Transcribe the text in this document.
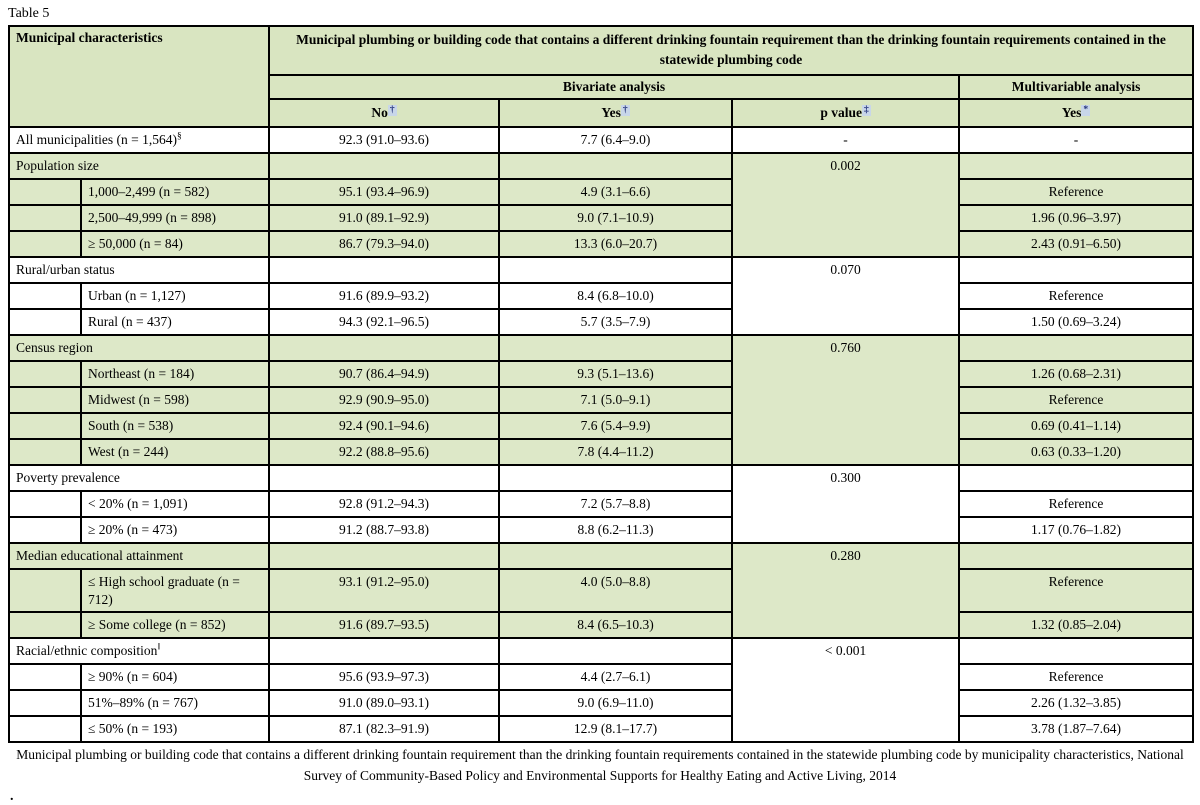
Table 5
Municipal characteristics		Municipal plumbing or building code that contains a different drinking fountain requirement than the drinking fountain requirements contained in the statewide plumbing code			
		Bivariate analysis			Multivariable analysis
		No †	Yes †	p value ‡	Yes *
All municipalities (n = 1,564)§		92.3 (91.0–93.6)	7.7 (6.4–9.0)	-	-
Population size				0.002	
	1,000–2,499 (n = 582)	95.1 (93.4–96.9)	4.9 (3.1–6.6)		Reference
	2,500–49,999 (n = 898)	91.0 (89.1–92.9)	9.0 (7.1–10.9)		1.96 (0.96–3.97)
	≥ 50,000 (n = 84)	86.7 (79.3–94.0)	13.3 (6.0–20.7)		2.43 (0.91–6.50)
Rural/urban status				0.070	
	Urban (n = 1,127)	91.6 (89.9–93.2)	8.4 (6.8–10.0)		Reference
	Rural (n = 437)	94.3 (92.1–96.5)	5.7 (3.5–7.9)		1.50 (0.69–3.24)
Census region				0.760	
	Northeast (n = 184)	90.7 (86.4–94.9)	9.3 (5.1–13.6)		1.26 (0.68–2.31)
	Midwest (n = 598)	92.9 (90.9–95.0)	7.1 (5.0–9.1)		Reference
	South (n = 538)	92.4 (90.1–94.6)	7.6 (5.4–9.9)		0.69 (0.41–1.14)
	West (n = 244)	92.2 (88.8–95.6)	7.8 (4.4–11.2)		0.63 (0.33–1.20)
Poverty prevalence				0.300	
	< 20% (n = 1,091)	92.8 (91.2–94.3)	7.2 (5.7–8.8)		Reference
	≥ 20% (n = 473)	91.2 (88.7–93.8)	8.8 (6.2–11.3)		1.17 (0.76–1.82)
Median educational attainment				0.280	
	≤ High school graduate (n = 712)	93.1 (91.2–95.0)	4.0 (5.0–8.8)		Reference
	≥ Some college (n = 852)	91.6 (89.7–93.5)	8.4 (6.5–10.3)		1.32 (0.85–2.04)
Racial/ethnic composition‖				< 0.001	
	≥ 90% (n = 604)	95.6 (93.9–97.3)	4.4 (2.7–6.1)		Reference
	51%–89% (n = 767)	91.0 (89.0–93.1)	9.0 (6.9–11.0)		2.26 (1.32–3.85)
	≤ 50% (n = 193)	87.1 (82.3–91.9)	12.9 (8.1–17.7)		3.78 (1.87–7.64)
Municipal plumbing or building code that contains a different drinking fountain requirement than the drinking fountain requirements contained in the statewide plumbing code by municipality characteristics, National Survey of Community-Based Policy and Environmental Supports for Healthy Eating and Active Living, 2014
.
